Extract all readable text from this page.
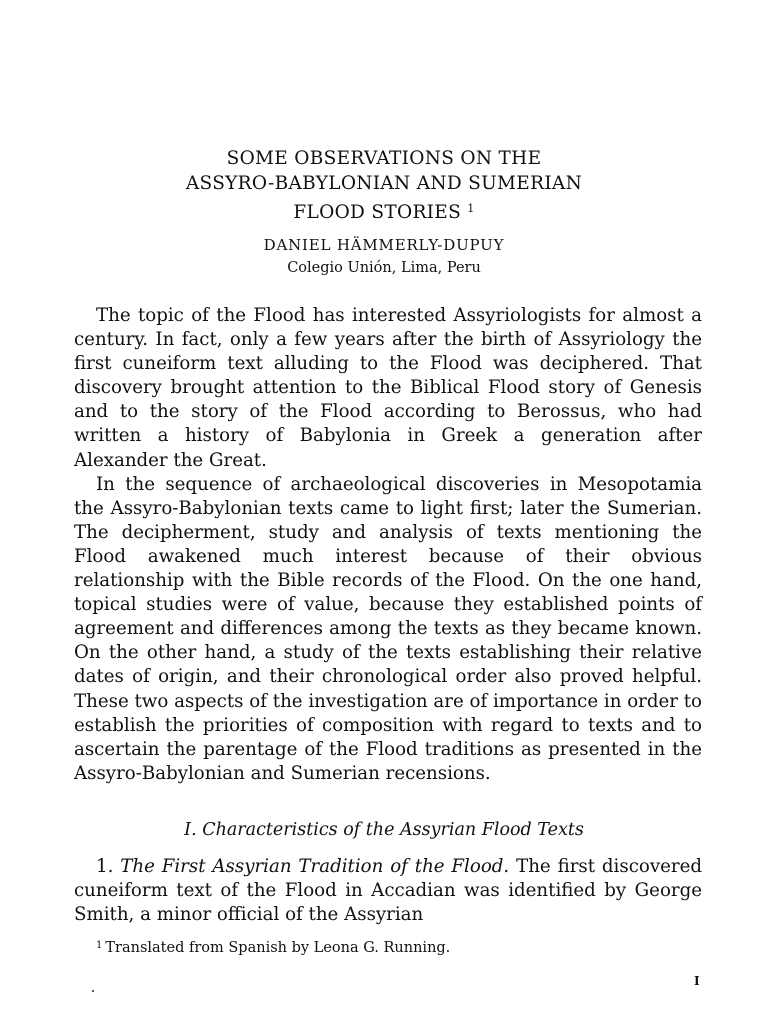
SOME OBSERVATIONS ON THE
ASSYRO-BABYLONIAN AND SUMERIAN
FLOOD STORIES $^1$
DANIEL HÄMMERLY-DUPUY
Colegio Unión, Lima, Peru

The topic of the Flood has interested Assyriologists for almost a century. In fact, only a few years after the birth of Assyriology the first cuneiform text alluding to the Flood was deciphered. That discovery brought attention to the Biblical Flood story of Genesis and to the story of the Flood according to Berossus, who had written a history of Babylonia in Greek a generation after Alexander the Great.

In the sequence of archaeological discoveries in Mesopotamia the Assyro-Babylonian texts came to light first; later the Sumerian. The decipherment, study and analysis of texts mentioning the Flood awakened much interest because of their obvious relationship with the Bible records of the Flood. On the one hand, topical studies were of value, because they established points of agreement and differences among the texts as they became known. On the other hand, a study of the texts establishing their relative dates of origin, and their chronological order also proved helpful. These two aspects of the investigation are of importance in order to establish the priorities of composition with regard to texts and to ascertain the parentage of the Flood traditions as presented in the Assyro-Babylonian and Sumerian recensions.

I. Characteristics of the Assyrian Flood Texts

1. The First Assyrian Tradition of the Flood. The first discovered cuneiform text of the Flood in Accadian was identified by George Smith, a minor official of the Assyrian

$^1$ Translated from Spanish by Leona G. Running.
I
